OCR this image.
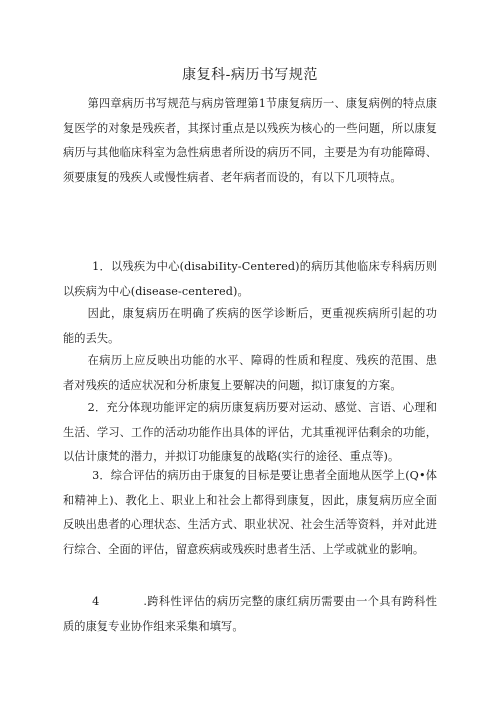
康复科-病历书写规范

第四章病历书写规范与病房管理第1节康复病历一、康复病例的特点康复医学的对象是残疾者，其探讨重点是以残疾为核心的一些问题，所以康复病历与其他临床科室为急性病患者所设的病历不同，主要是为有功能障碍、须要康复的残疾人或慢性病者、老年病者而设的，有以下几项特点。

1．以残疾为中心(disabiIity-Centered)的病历其他临床专科病历则以疾病为中心(disease-centered)。

因此，康复病历在明确了疾病的医学诊断后，更重视疾病所引起的功能的丢失。

在病历上应反映出功能的水平、障碍的性质和程度、残疾的范围、患者对残疾的适应状况和分析康复上要解决的问题，拟订康复的方案。

2．充分体现功能评定的病历康复病历要对运动、感觉、言语、心理和生活、学习、工作的活动功能作出具体的评估，尤其重视评估剩余的功能，以估计康梵的潜力，并拟订功能康复的战略(实行的途径、重点等)。

3．综合评估的病历由于康复的目标是要让患者全面地从医学上(Q•体和精神上)、教化上、职业上和社会上都得到康复，因此，康复病历应全面反映出患者的心理状态、生活方式、职业状况、社会生活等资料，并对此进行综合、全面的评估，留意疾病或残疾时患者生活、上学或就业的影响。

4	.跨科性评估的病历完整的康红病历需要由一个具有跨科性质的康复专业协作组来采集和填写。
